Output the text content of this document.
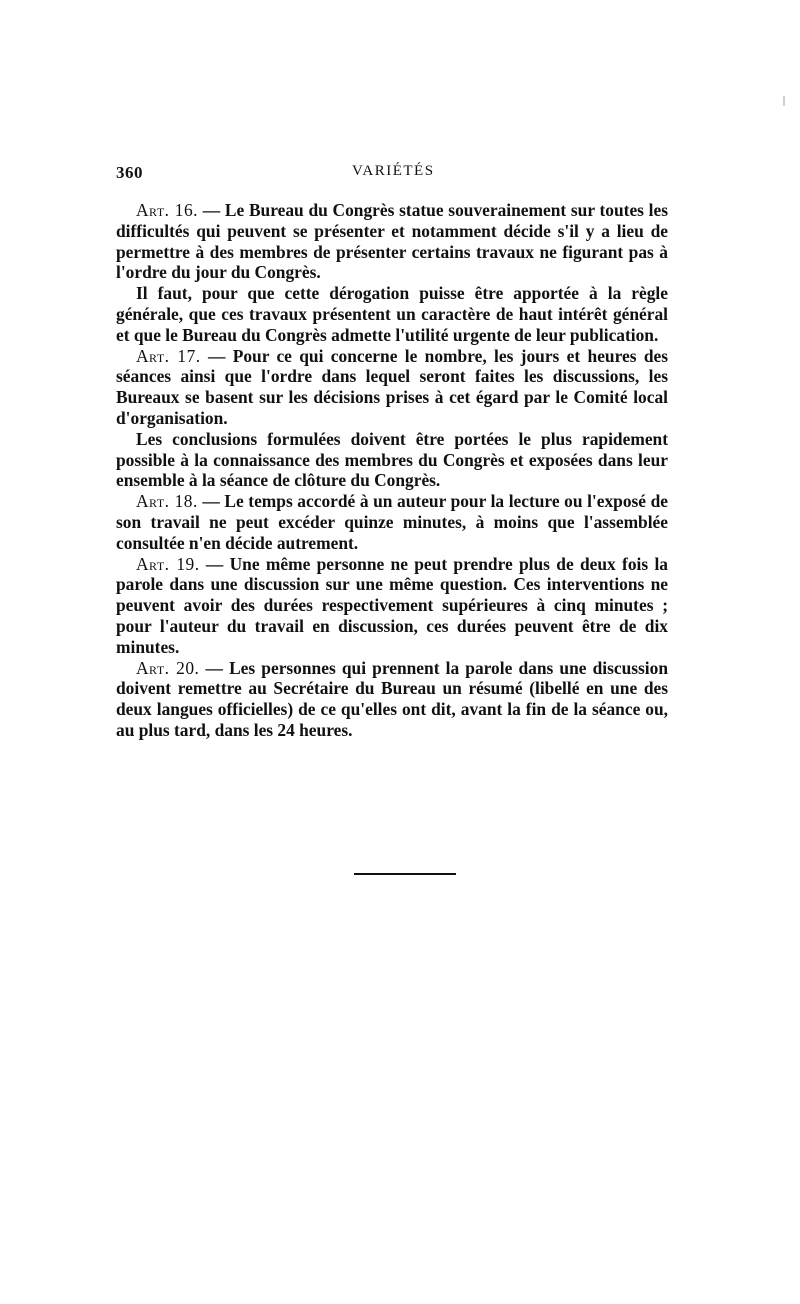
360	VARIÉTÉS

Art. 16. — Le Bureau du Congrès statue souverainement sur toutes les difficultés qui peuvent se présenter et notamment décide s'il y a lieu de permettre à des membres de présenter certains travaux ne figurant pas à l'ordre du jour du Congrès.

Il faut, pour que cette dérogation puisse être apportée à la règle générale, que ces travaux présentent un caractère de haut intérêt général et que le Bureau du Congrès admette l'utilité urgente de leur publication.

Art. 17. — Pour ce qui concerne le nombre, les jours et heures des séances ainsi que l'ordre dans lequel seront faites les discussions, les Bureaux se basent sur les décisions prises à cet égard par le Comité local d'organisation.

Les conclusions formulées doivent être portées le plus rapidement possible à la connaissance des membres du Congrès et exposées dans leur ensemble à la séance de clôture du Congrès.

Art. 18. — Le temps accordé à un auteur pour la lecture ou l'exposé de son travail ne peut excéder quinze minutes, à moins que l'assemblée consultée n'en décide autrement.

Art. 19. — Une même personne ne peut prendre plus de deux fois la parole dans une discussion sur une même question. Ces interventions ne peuvent avoir des durées respectivement supérieures à cinq minutes ; pour l'auteur du travail en discussion, ces durées peuvent être de dix minutes.

Art. 20. — Les personnes qui prennent la parole dans une discussion doivent remettre au Secrétaire du Bureau un résumé (libellé en une des deux langues officielles) de ce qu'elles ont dit, avant la fin de la séance ou, au plus tard, dans les 24 heures.
